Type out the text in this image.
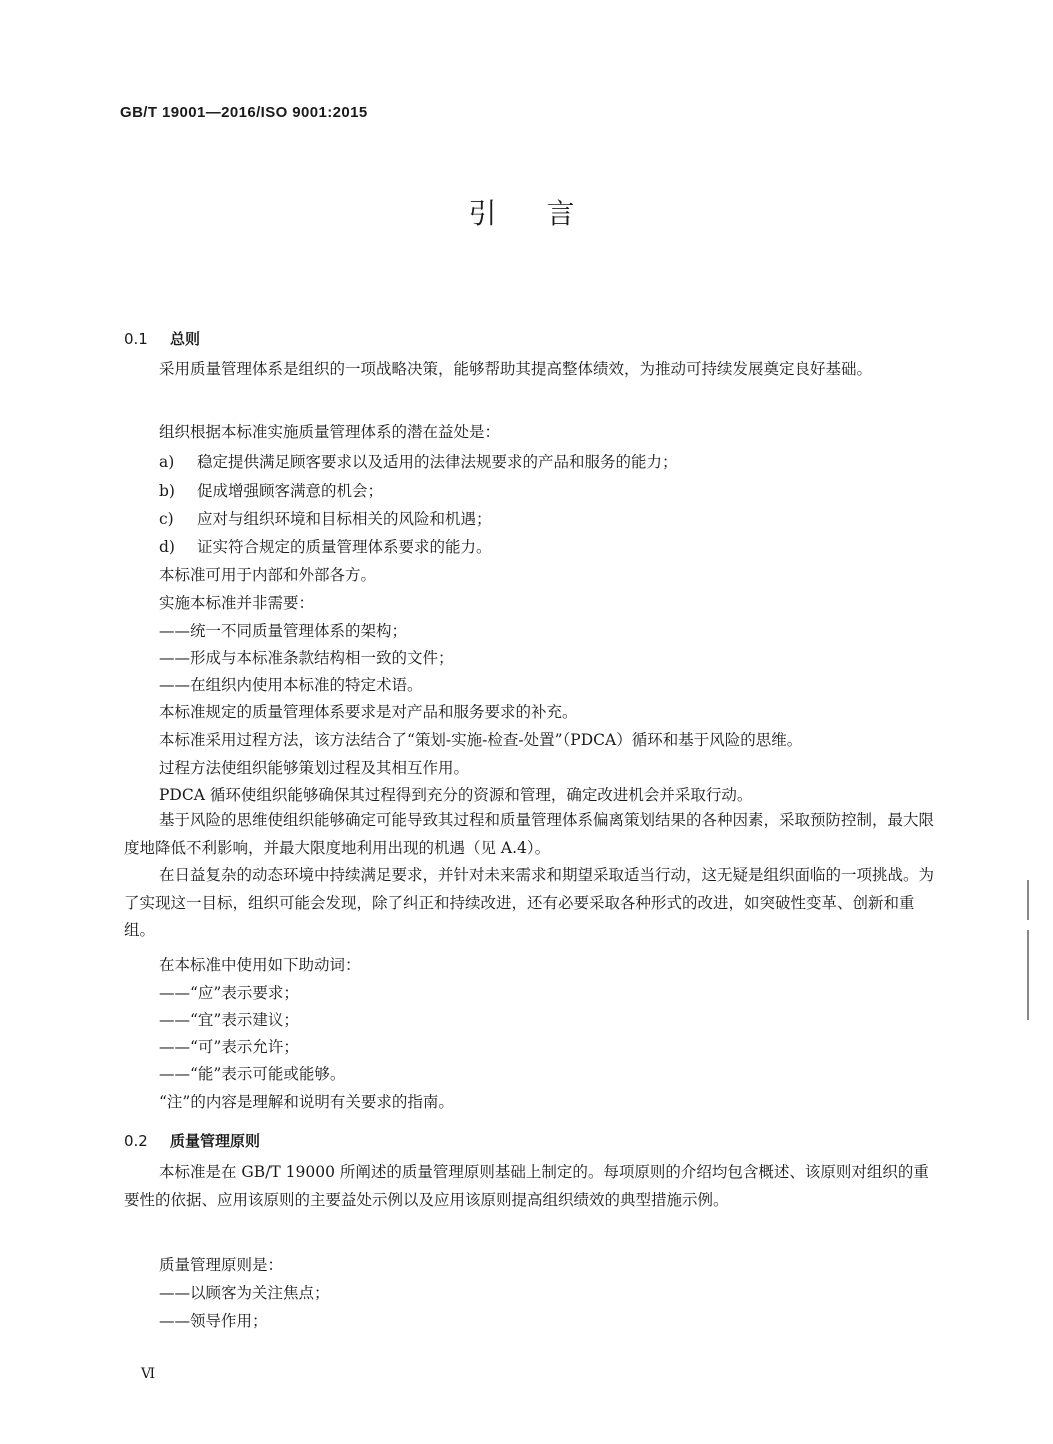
GB/T 19001—2016/ISO 9001:2015
引言
0.1 总则
采用质量管理体系是组织的一项战略决策，能够帮助其提高整体绩效，为推动可持续发展奠定良好基础。
组织根据本标准实施质量管理体系的潜在益处是：
a) 稳定提供满足顾客要求以及适用的法律法规要求的产品和服务的能力；
b) 促成增强顾客满意的机会；
c) 应对与组织环境和目标相关的风险和机遇；
d) 证实符合规定的质量管理体系要求的能力。
本标准可用于内部和外部各方。
实施本标准并非需要：
——统一不同质量管理体系的架构；
——形成与本标准条款结构相一致的文件；
——在组织内使用本标准的特定术语。
本标准规定的质量管理体系要求是对产品和服务要求的补充。
本标准采用过程方法，该方法结合了“策划-实施-检查-处置”（PDCA）循环和基于风险的思维。
过程方法使组织能够策划过程及其相互作用。
PDCA 循环使组织能够确保其过程得到充分的资源和管理，确定改进机会并采取行动。
基于风险的思维使组织能够确定可能导致其过程和质量管理体系偏离策划结果的各种因素，采取预防控制，最大限度地降低不利影响，并最大限度地利用出现的机遇（见 A.4）。
在日益复杂的动态环境中持续满足要求，并针对未来需求和期望采取适当行动，这无疑是组织面临的一项挑战。为了实现这一目标，组织可能会发现，除了纠正和持续改进，还有必要采取各种形式的改进，如突破性变革、创新和重组。
在本标准中使用如下助动词：
——“应”表示要求；
——“宜”表示建议；
——“可”表示允许；
——“能”表示可能或能够。
“注”的内容是理解和说明有关要求的指南。
0.2 质量管理原则
本标准是在 GB/T 19000 所阐述的质量管理原则基础上制定的。每项原则的介绍均包含概述、该原则对组织的重要性的依据、应用该原则的主要益处示例以及应用该原则提高组织绩效的典型措施示例。
质量管理原则是：
——以顾客为关注焦点；
——领导作用；
Ⅵ
